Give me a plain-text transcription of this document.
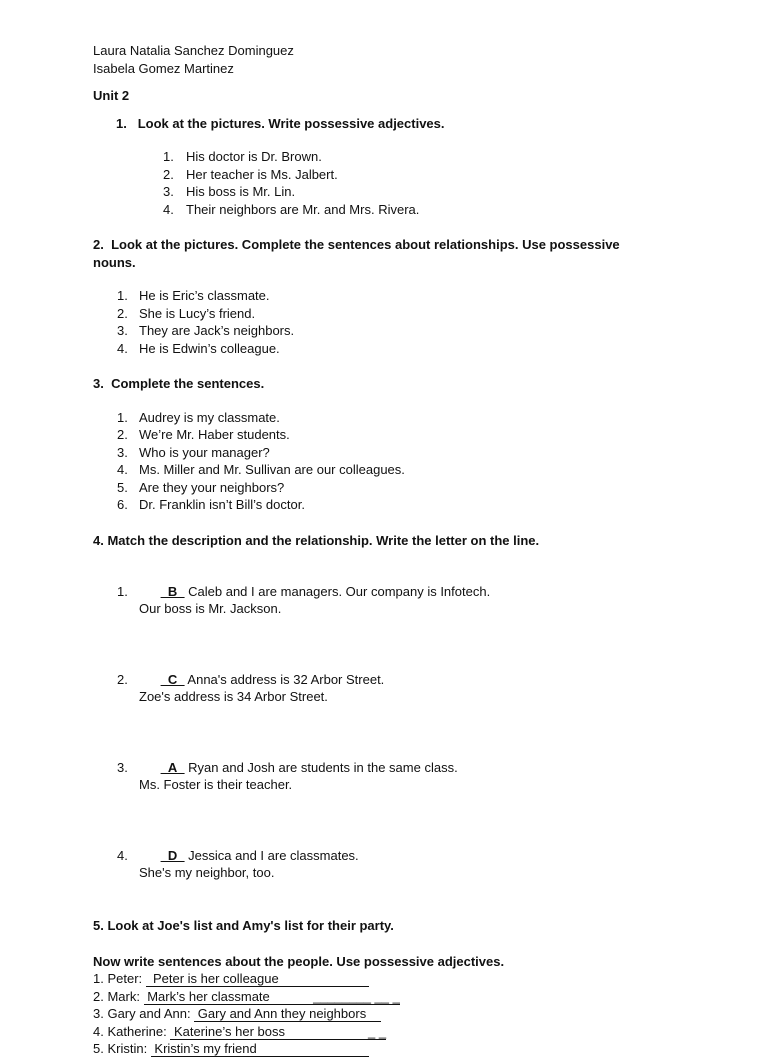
Laura Natalia Sanchez Dominguez
Isabela Gomez Martinez
Unit 2
1. Look at the pictures. Write possessive adjectives.
1. His doctor is Dr. Brown.
2. Her teacher is Ms. Jalbert.
3. His boss is Mr. Lin.
4. Their neighbors are Mr. and Mrs. Rivera.
2.  Look at the pictures. Complete the sentences about relationships. Use possessive
nouns.
1. He is Eric’s classmate.
2. She is Lucy’s friend.
3. They are Jack’s neighbors.
4. He is Edwin’s colleague.
3.  Complete the sentences.
1. Audrey is my classmate.
2. We’re Mr. Haber students.
3. Who is your manager?
4. Ms. Miller and Mr. Sullivan are our colleagues.
5. Are they your neighbors?
6. Dr. Franklin isn’t Bill’s doctor.
4. Match the description and the relationship. Write the letter on the line.

1.	_B_ Caleb and I are managers. Our company is Infotech.
Our boss is Mr. Jackson.

2.	_C_ Anna's address is 32 Arbor Street.
Zoe's address is 34 Arbor Street.

3.	_A_ Ryan and Josh are students in the same class.
Ms. Foster is their teacher.

4.	_D_ Jessica and I are classmates.
She's my neighbor, too.

5. Look at Joe's list and Amy's list for their party.
Now write sentences about the people. Use possessive adjectives.
1. Peter:   Peter is her colleague
2. Mark:  Mark’s her classmate            ________ __ _
3. Gary and Ann:  Gary and Ann they neighbors
4. Katherine:  Katerine’s her boss                       _ _
5. Kristin:  Kristin’s my friend
